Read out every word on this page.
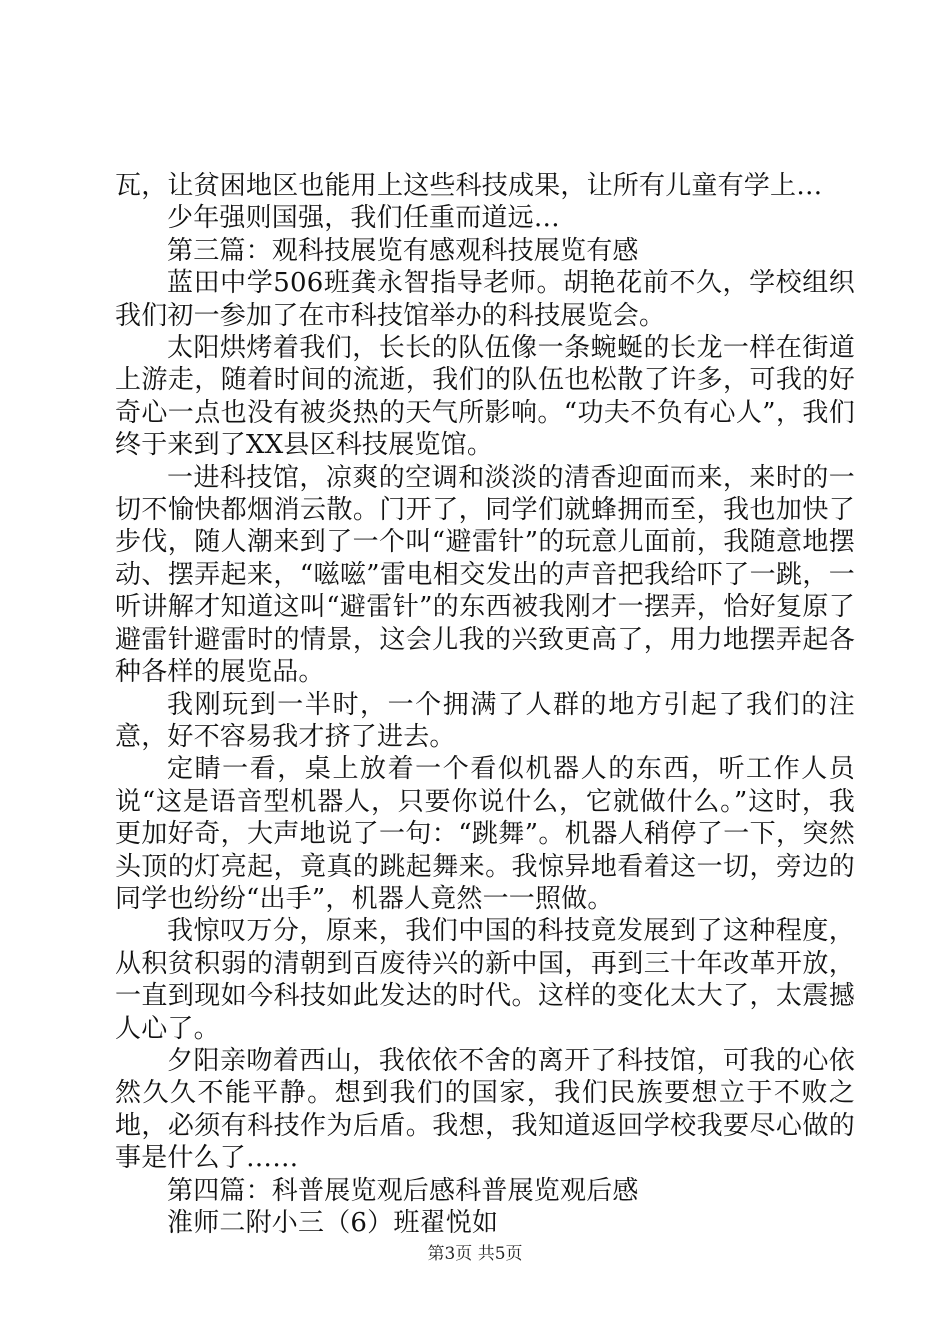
瓦，让贫困地区也能用上这些科技成果，让所有儿童有学上…

少年强则国强，我们任重而道远…

第三篇：观科技展览有感观科技展览有感

蓝田中学506班龚永智指导老师。胡艳花前不久，学校组织我们初一参加了在市科技馆举办的科技展览会。

太阳烘烤着我们，长长的队伍像一条蜿蜒的长龙一样在街道上游走，随着时间的流逝，我们的队伍也松散了许多，可我的好奇心一点也没有被炎热的天气所影响。“功夫不负有心人”，我们终于来到了XX县区科技展览馆。

一进科技馆，凉爽的空调和淡淡的清香迎面而来，来时的一切不愉快都烟消云散。门开了，同学们就蜂拥而至，我也加快了步伐，随人潮来到了一个叫“避雷针”的玩意儿面前，我随意地摆动、摆弄起来，“嗞嗞”雷电相交发出的声音把我给吓了一跳，一听讲解才知道这叫“避雷针”的东西被我刚才一摆弄，恰好复原了避雷针避雷时的情景，这会儿我的兴致更高了，用力地摆弄起各种各样的展览品。

我刚玩到一半时，一个拥满了人群的地方引起了我们的注意，好不容易我才挤了进去。

定睛一看，桌上放着一个看似机器人的东西，听工作人员说“这是语音型机器人，只要你说什么，它就做什么。”这时，我更加好奇，大声地说了一句：“跳舞”。机器人稍停了一下，突然头顶的灯亮起，竟真的跳起舞来。我惊异地看着这一切，旁边的同学也纷纷“出手”，机器人竟然一一照做。

我惊叹万分，原来，我们中国的科技竟发展到了这种程度，从积贫积弱的清朝到百废待兴的新中国，再到三十年改革开放，一直到现如今科技如此发达的时代。这样的变化太大了，太震撼人心了。

夕阳亲吻着西山，我依依不舍的离开了科技馆，可我的心依然久久不能平静。想到我们的国家，我们民族要想立于不败之地，必须有科技作为后盾。我想，我知道返回学校我要尽心做的事是什么了……

第四篇：科普展览观后感科普展览观后感

淮师二附小三（6）班翟悦如

第3页 共5页
